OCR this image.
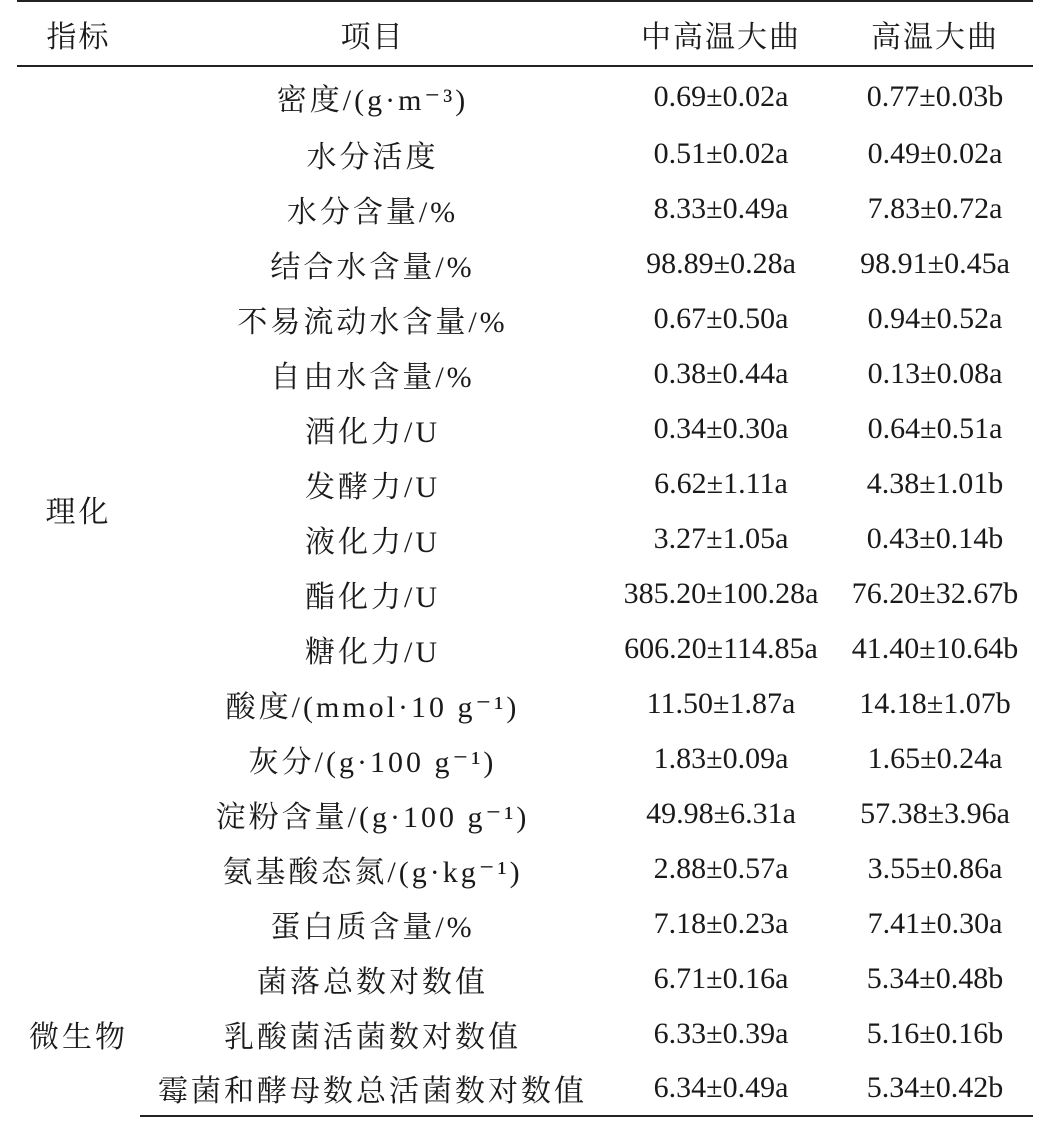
指标	项目	中高温大曲	高温大曲
理化	密度/(g·m⁻³)	0.69±0.02a	0.77±0.03b
	水分活度	0.51±0.02a	0.49±0.02a
	水分含量/%	8.33±0.49a	7.83±0.72a
	结合水含量/%	98.89±0.28a	98.91±0.45a
	不易流动水含量/%	0.67±0.50a	0.94±0.52a
	自由水含量/%	0.38±0.44a	0.13±0.08a
	酒化力/U	0.34±0.30a	0.64±0.51a
	发酵力/U	6.62±1.11a	4.38±1.01b
	液化力/U	3.27±1.05a	0.43±0.14b
	酯化力/U	385.20±100.28a	76.20±32.67b
	糖化力/U	606.20±114.85a	41.40±10.64b
	酸度/(mmol·10 g⁻¹)	11.50±1.87a	14.18±1.07b
	灰分/(g·100 g⁻¹)	1.83±0.09a	1.65±0.24a
	淀粉含量/(g·100 g⁻¹)	49.98±6.31a	57.38±3.96a
	氨基酸态氮/(g·kg⁻¹)	2.88±0.57a	3.55±0.86a
	蛋白质含量/%	7.18±0.23a	7.41±0.30a
微生物	菌落总数对数值	6.71±0.16a	5.34±0.48b
	乳酸菌活菌数对数值	6.33±0.39a	5.16±0.16b
	霉菌和酵母数总活菌数对数值	6.34±0.49a	5.34±0.42b
